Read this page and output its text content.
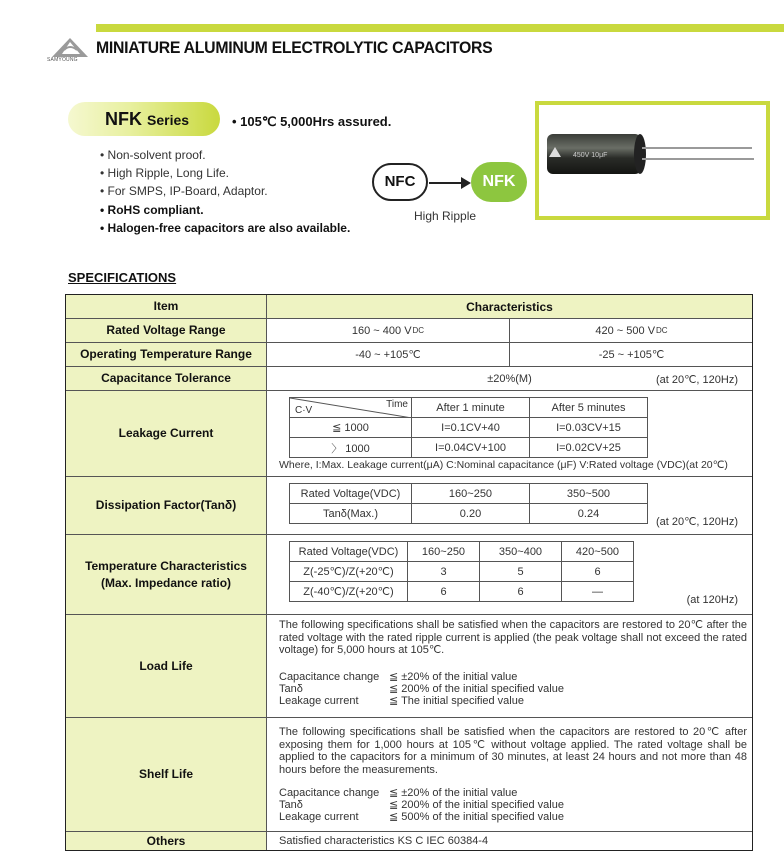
SAMYOUNG
MINIATURE ALUMINUM ELECTROLYTIC CAPACITORS
NFK Series	• 105℃ 5,000Hrs assured.
• Non-solvent proof.
• High Ripple, Long Life.
• For SMPS, IP-Board, Adaptor.
• RoHS compliant.
• Halogen-free capacitors are also available.
NFC	NFK
High Ripple
450V 10μF
SPECIFICATIONS
Item	Characteristics
Rated Voltage Range	160 ~ 400 V DC	420 ~ 500 V DC
Operating Temperature Range	-40 ~ +105℃	-25 ~ +105℃
Capacitance Tolerance	±20%(M)	(at 20℃, 120Hz)
Leakage Current
Time
C·V	After 1 minute	After 5 minutes
≦ 1000	I=0.1CV+40	I=0.03CV+15
〉 1000	I=0.04CV+100	I=0.02CV+25
Where, I:Max. Leakage current(μA) C:Nominal capacitance (μF) V:Rated voltage (VDC)(at 20℃)
Dissipation Factor(Tanδ)
Rated Voltage(VDC)	160~250	350~500
Tanδ(Max.)	0.20	0.24
(at 20℃, 120Hz)
Temperature Characteristics
(Max. Impedance ratio)
Rated Voltage(VDC)	160~250	350~400	420~500
Z(-25℃)/Z(+20℃)	3	5	6
Z(-40℃)/Z(+20℃)	6	6	—
(at 120Hz)
Load Life
The following specifications shall be satisfied when the capacitors are restored to 20℃ after the rated voltage with the rated ripple current is applied (the peak voltage shall not exceed the rated voltage) for 5,000 hours at 105℃.
Capacitance change ≦ ±20% of the initial value
Tanδ	≦ 200% of the initial specified value
Leakage current	≦ The initial specified value
Shelf Life
The following specifications shall be satisfied when the capacitors are restored to 20℃ after exposing them for 1,000 hours at 105℃ without voltage applied. The rated voltage shall be applied to the capacitors for a minimum of 30 minutes, at least 24 hours and not more than 48 hours before the measurements.
Capacitance change ≦ ±20% of the initial value
Tanδ	≦ 200% of the initial specified value
Leakage current	≦ 500% of the initial specified value
Others	Satisfied characteristics KS C IEC 60384-4
